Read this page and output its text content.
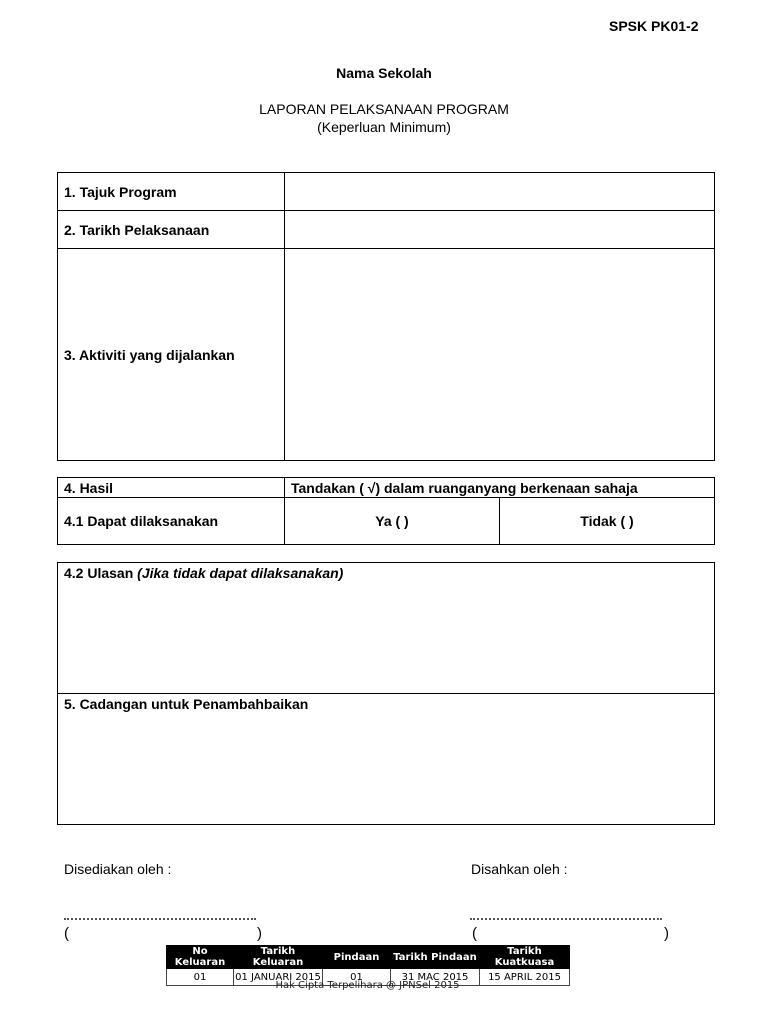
SPSK PK01-2
Nama Sekolah
LAPORAN PELAKSANAAN PROGRAM
(Keperluan Minimum)
1. Tajuk Program	
2. Tarikh Pelaksanaan	
3. Aktiviti yang dijalankan	
4. Hasil	Tandakan ( √) dalam ruanganyang berkenaan sahaja	
4.1 Dapat dilaksanakan	Ya ( )	Tidak ( )
4.2 Ulasan (Jika tidak dapat dilaksanakan)
5. Cadangan untuk Penambahbaikan
Disediakan oleh :	Disahkan oleh :
(	)	(	)
No Keluaran	Tarikh Keluaran	Pindaan	Tarikh Pindaan	Tarikh Kuatkuasa
01	01 JANUARI 2015	01	31 MAC 2015	15 APRIL 2015
Hak Cipta Terpelihara @ JPNSel 2015
